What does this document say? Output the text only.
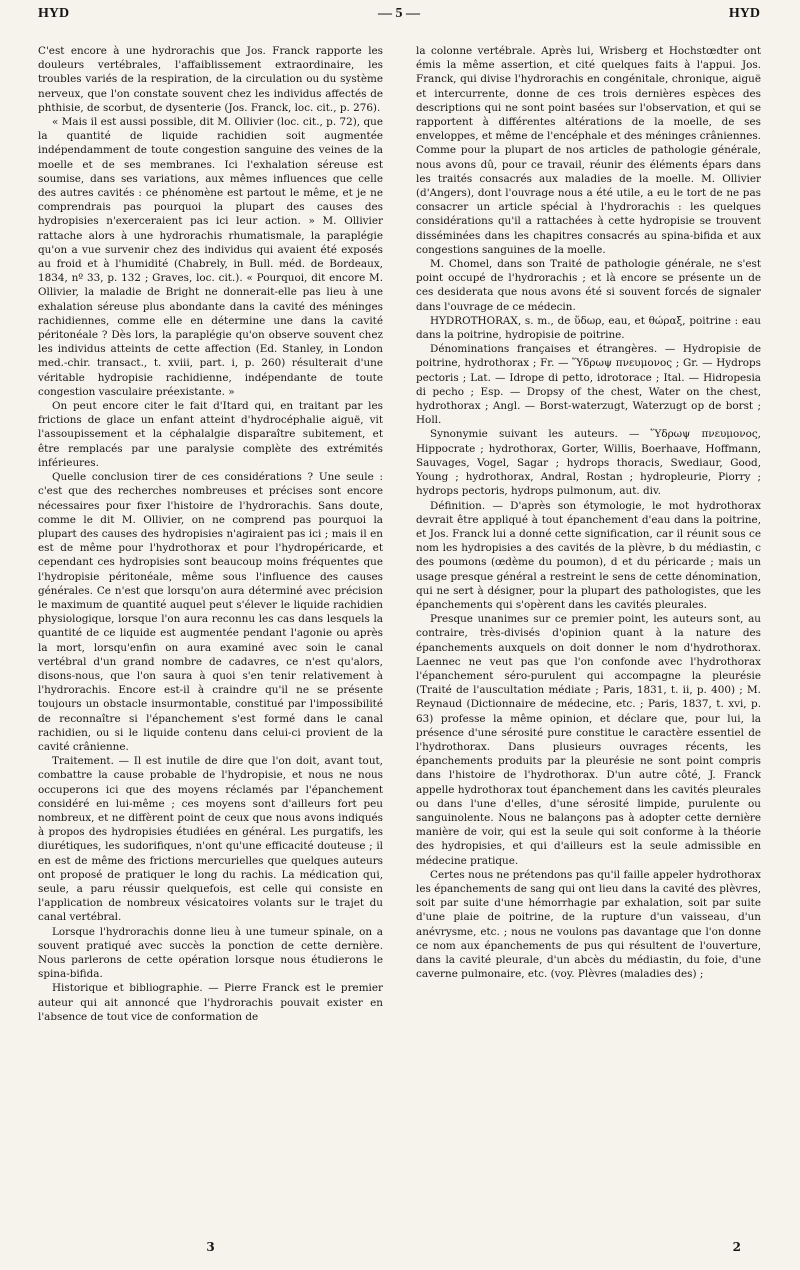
HYD	— 5 —	HYD

C'est encore à une hydrorachis que Jos. Franck rapporte les douleurs vertébrales, l'affaiblissement extraordinaire, les troubles variés de la respiration, de la circulation ou du système nerveux, que l'on constate souvent chez les individus affectés de phthisie, de scorbut, de dysenterie (Jos. Franck, loc. cit., p. 276).

« Mais il est aussi possible, dit M. Ollivier (loc. cit., p. 72), que la quantité de liquide rachidien soit augmentée indépendamment de toute congestion sanguine des veines de la moelle et de ses membranes. Ici l'exhalation séreuse est soumise, dans ses variations, aux mêmes influences que celle des autres cavités : ce phénomène est partout le même, et je ne comprendrais pas pourquoi la plupart des causes des hydropisies n'exerceraient pas ici leur action. » M. Ollivier rattache alors à une hydrorachis rhumatismale, la paraplégie qu'on a vue survenir chez des individus qui avaient été exposés au froid et à l'humidité (Chabrely, in Bull. méd. de Bordeaux, 1834, nº 33, p. 132 ; Graves, loc. cit.). « Pourquoi, dit encore M. Ollivier, la maladie de Bright ne donnerait-elle pas lieu à une exhalation séreuse plus abondante dans la cavité des méninges rachidiennes, comme elle en détermine une dans la cavité péritonéale ? Dès lors, la paraplégie qu'on observe souvent chez les individus atteints de cette affection (Ed. Stanley, in London med.-chir. transact., t. xviii, part. i, p. 260) résulterait d'une véritable hydropisie rachidienne, indépendante de toute congestion vasculaire préexistante. »

On peut encore citer le fait d'Itard qui, en traitant par les frictions de glace un enfant atteint d'hydrocéphalie aiguë, vit l'assoupissement et la céphalalgie disparaître subitement, et être remplacés par une paralysie complète des extrémités inférieures.

Quelle conclusion tirer de ces considérations ? Une seule : c'est que des recherches nombreuses et précises sont encore nécessaires pour fixer l'histoire de l'hydrorachis. Sans doute, comme le dit M. Ollivier, on ne comprend pas pourquoi la plupart des causes des hydropisies n'agiraient pas ici ; mais il en est de même pour l'hydrothorax et pour l'hydropéricarde, et cependant ces hydropisies sont beaucoup moins fréquentes que l'hydropisie péritonéale, même sous l'influence des causes générales. Ce n'est que lorsqu'on aura déterminé avec précision le maximum de quantité auquel peut s'élever le liquide rachidien physiologique, lorsque l'on aura reconnu les cas dans lesquels la quantité de ce liquide est augmentée pendant l'agonie ou après la mort, lorsqu'enfin on aura examiné avec soin le canal vertébral d'un grand nombre de cadavres, ce n'est qu'alors, disons-nous, que l'on saura à quoi s'en tenir relativement à l'hydrorachis. Encore est-il à craindre qu'il ne se présente toujours un obstacle insurmontable, constitué par l'impossibilité de reconnaître si l'épanchement s'est formé dans le canal rachidien, ou si le liquide contenu dans celui-ci provient de la cavité crânienne.

Traitement. — Il est inutile de dire que l'on doit, avant tout, combattre la cause probable de l'hydropisie, et nous ne nous occuperons ici que des moyens réclamés par l'épanchement considéré en lui-même ; ces moyens sont d'ailleurs fort peu nombreux, et ne diffèrent point de ceux que nous avons indiqués à propos des hydropisies étudiées en général. Les purgatifs, les diurétiques, les sudorifiques, n'ont qu'une efficacité douteuse ; il en est de même des frictions mercurielles que quelques auteurs ont proposé de pratiquer le long du rachis. La médication qui, seule, a paru réussir quelquefois, est celle qui consiste en l'application de nombreux vésicatoires volants sur le trajet du canal vertébral.

Lorsque l'hydrorachis donne lieu à une tumeur spinale, on a souvent pratiqué avec succès la ponction de cette dernière. Nous parlerons de cette opération lorsque nous étudierons le spina-bifida.

Historique et bibliographie. — Pierre Franck est le premier auteur qui ait annoncé que l'hydrorachis pouvait exister en l'absence de tout vice de conformation de

3

la colonne vertébrale. Après lui, Wrisberg et Hochstœdter ont émis la même assertion, et cité quelques faits à l'appui. Jos. Franck, qui divise l'hydrorachis en congénitale, chronique, aiguë et intercurrente, donne de ces trois dernières espèces des descriptions qui ne sont point basées sur l'observation, et qui se rapportent à différentes altérations de la moelle, de ses enveloppes, et même de l'encéphale et des méninges crâniennes. Comme pour la plupart de nos articles de pathologie générale, nous avons dû, pour ce travail, réunir des éléments épars dans les traités consacrés aux maladies de la moelle. M. Ollivier (d'Angers), dont l'ouvrage nous a été utile, a eu le tort de ne pas consacrer un article spécial à l'hydrorachis : les quelques considérations qu'il a rattachées à cette hydropisie se trouvent disséminées dans les chapitres consacrés au spina-bifida et aux congestions sanguines de la moelle.

M. Chomel, dans son Traité de pathologie générale, ne s'est point occupé de l'hydrorachis ; et là encore se présente un de ces desiderata que nous avons été si souvent forcés de signaler dans l'ouvrage de ce médecin.

HYDROTHORAX, s. m., de ὕδωρ, eau, et θώραξ, poitrine : eau dans la poitrine, hydropisie de poitrine.

Dénominations françaises et étrangères. — Hydropisie de poitrine, hydrothorax ; Fr. — Ὕδρωψ πνευμονος ; Gr. — Hydrops pectoris ; Lat. — Idrope di petto, idrotorace ; Ital. — Hidropesia di pecho ; Esp. — Dropsy of the chest, Water on the chest, hydrothorax ; Angl. — Borst-waterzugt, Waterzugt op de borst ; Holl.

Synonymie suivant les auteurs. — Ὕδρωψ πνευμονος, Hippocrate ; hydrothorax, Gorter, Willis, Boerhaave, Hoffmann, Sauvages, Vogel, Sagar ; hydrops thoracis, Swediaur, Good, Young ; hydrothorax, Andral, Rostan ; hydropleurie, Piorry ; hydrops pectoris, hydrops pulmonum, aut. div.

Définition. — D'après son étymologie, le mot hydrothorax devrait être appliqué à tout épanchement d'eau dans la poitrine, et Jos. Franck lui a donné cette signification, car il réunit sous ce nom les hydropisies a des cavités de la plèvre, b du médiastin, c des poumons (œdème du poumon), d et du péricarde ; mais un usage presque général a restreint le sens de cette dénomination, qui ne sert à désigner, pour la plupart des pathologistes, que les épanchements qui s'opèrent dans les cavités pleurales.

Presque unanimes sur ce premier point, les auteurs sont, au contraire, très-divisés d'opinion quant à la nature des épanchements auxquels on doit donner le nom d'hydrothorax. Laennec ne veut pas que l'on confonde avec l'hydrothorax l'épanchement séro-purulent qui accompagne la pleurésie (Traité de l'auscultation médiate ; Paris, 1831, t. ii, p. 400) ; M. Reynaud (Dictionnaire de médecine, etc. ; Paris, 1837, t. xvi, p. 63) professe la même opinion, et déclare que, pour lui, la présence d'une sérosité pure constitue le caractère essentiel de l'hydrothorax. Dans plusieurs ouvrages récents, les épanchements produits par la pleurésie ne sont point compris dans l'histoire de l'hydrothorax. D'un autre côté, J. Franck appelle hydrothorax tout épanchement dans les cavités pleurales ou dans l'une d'elles, d'une sérosité limpide, purulente ou sanguinolente. Nous ne balançons pas à adopter cette dernière manière de voir, qui est la seule qui soit conforme à la théorie des hydropisies, et qui d'ailleurs est la seule admissible en médecine pratique.

Certes nous ne prétendons pas qu'il faille appeler hydrothorax les épanchements de sang qui ont lieu dans la cavité des plèvres, soit par suite d'une hémorrhagie par exhalation, soit par suite d'une plaie de poitrine, de la rupture d'un vaisseau, d'un anévrysme, etc. ; nous ne voulons pas davantage que l'on donne ce nom aux épanchements de pus qui résultent de l'ouverture, dans la cavité pleurale, d'un abcès du médiastin, du foie, d'une caverne pulmonaire, etc. (voy. Plèvres (maladies des) ;

2
